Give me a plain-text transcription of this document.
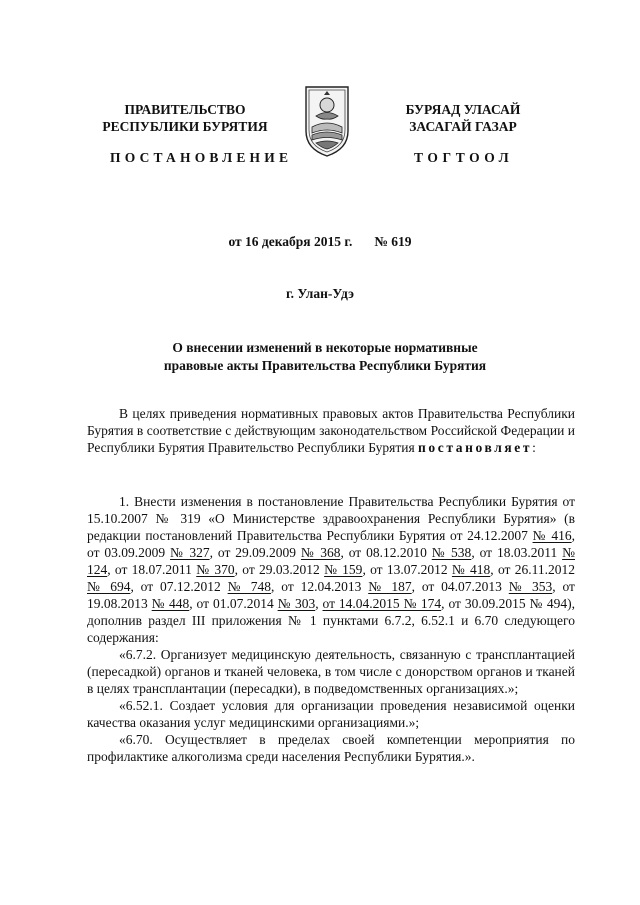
ПРАВИТЕЛЬСТВО
РЕСПУБЛИКИ БУРЯТИЯ
БУРЯАД УЛАСАЙ
ЗАСАГАЙ ГАЗАР
ПОСТАНОВЛЕНИЕ	ТОГТООЛ
от 16 декабря 2015 г. № 619
г. Улан-Удэ
О внесении изменений в некоторые нормативные
правовые акты Правительства Республики Бурятия

В целях приведения нормативных правовых актов Правительства Республики Бурятия в соответствие с действующим законодательством Российской Федерации и Республики Бурятия Правительство Республики Бурятия постановляет:

1. Внести изменения в постановление Правительства Республики Бурятия от 15.10.2007 № 319 «О Министерстве здравоохранения Республики Бурятия» (в редакции постановлений Правительства Республики Бурятия от 24.12.2007 № 416, от 03.09.2009 № 327, от 29.09.2009 № 368, от 08.12.2010 № 538, от 18.03.2011 № 124, от 18.07.2011 № 370, от 29.03.2012 № 159, от 13.07.2012 № 418, от 26.11.2012 № 694, от 07.12.2012 № 748, от 12.04.2013 № 187, от 04.07.2013 № 353, от 19.08.2013 № 448, от 01.07.2014 № 303, от 14.04.2015 № 174, от 30.09.2015 № 494), дополнив раздел III приложения № 1 пунктами 6.7.2, 6.52.1 и 6.70 следующего содержания:

«6.7.2. Организует медицинскую деятельность, связанную с трансплантацией (пересадкой) органов и тканей человека, в том числе с донорством органов и тканей в целях трансплантации (пересадки), в подведомственных организациях.»;

«6.52.1. Создает условия для организации проведения независимой оценки качества оказания услуг медицинскими организациями.»;

«6.70. Осуществляет в пределах своей компетенции мероприятия по профилактике алкоголизма среди населения Республики Бурятия.».
